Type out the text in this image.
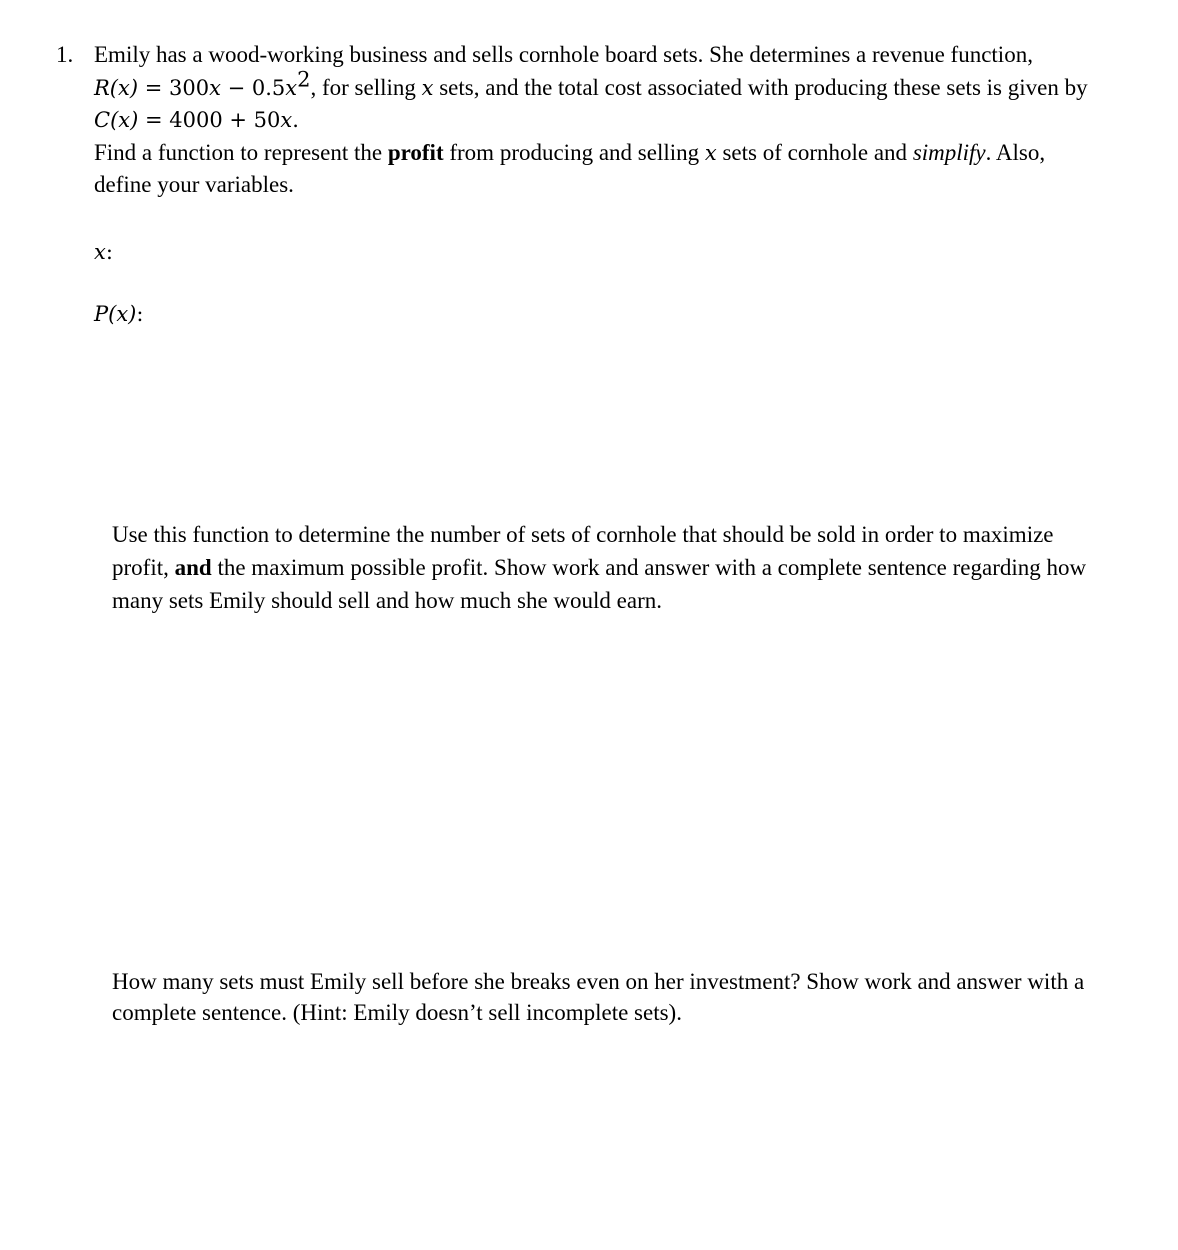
1. Emily has a wood-working business and sells cornhole board sets. She determines a revenue function,
$R(x) = 300x - 0.5x^2$, for selling x sets, and the total cost associated with producing these sets is given by
C(x) = 4000 + 50x.
Find a function to represent the profit from producing and selling x sets of cornhole and simplify. Also,
define your variables.
x:
P(x):
Use this function to determine the number of sets of cornhole that should be sold in order to maximize
profit, and the maximum possible profit. Show work and answer with a complete sentence regarding how
many sets Emily should sell and how much she would earn.
How many sets must Emily sell before she breaks even on her investment? Show work and answer with a
complete sentence. (Hint: Emily doesn’t sell incomplete sets).
